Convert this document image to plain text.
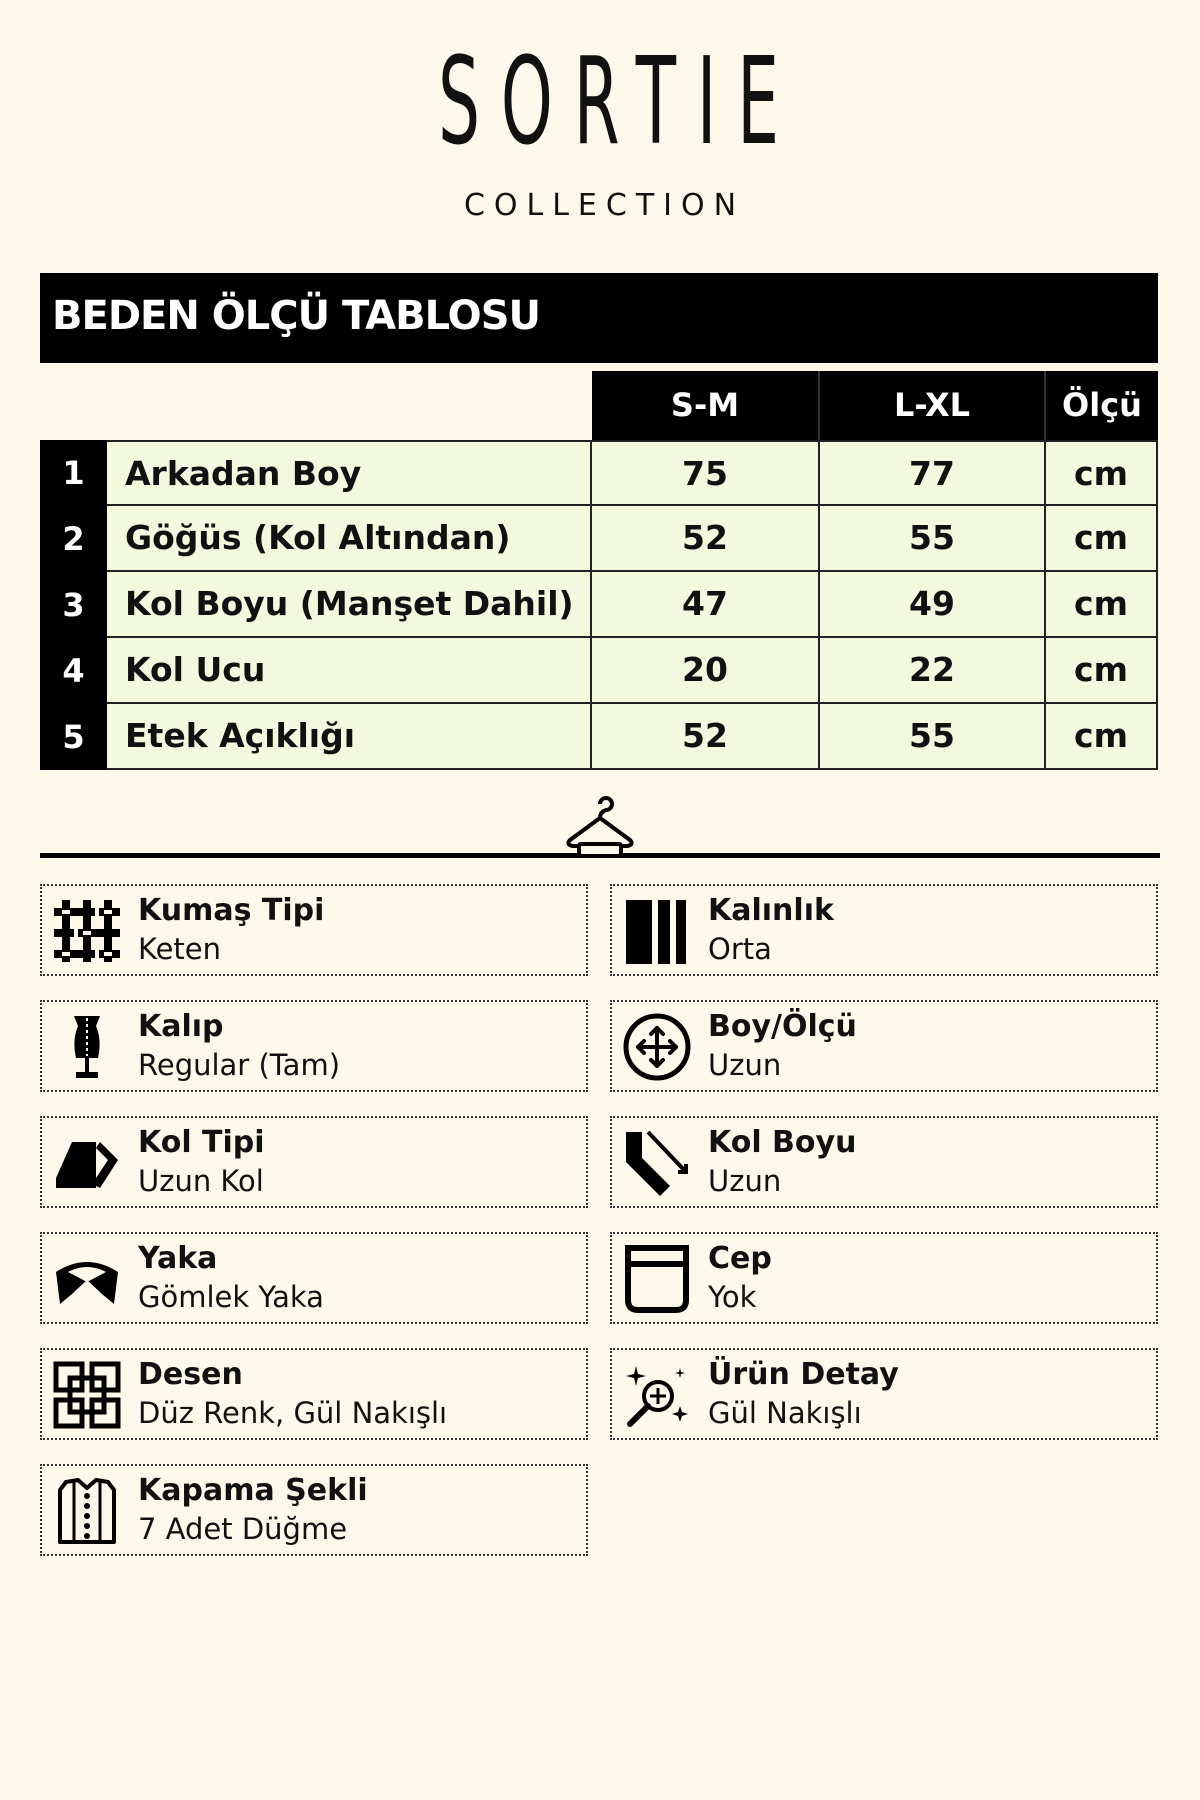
SORTIE
COLLECTION
BEDEN ÖLÇÜ TABLOSU
ÜST	S-M	L-XL	Ölçü
1	Arkadan Boy	75	77	cm
2	Göğüs (Kol Altından)	52	55	cm
3	Kol Boyu (Manşet Dahil)	47	49	cm
4	Kol Ucu	20	22	cm
5	Etek Açıklığı	52	55	cm
Kumaş Tipi
Keten
Kalınlık
Orta
Kalıp
Regular (Tam)
Boy/Ölçü
Uzun
Kol Tipi
Uzun Kol
Kol Boyu
Uzun
Yaka
Gömlek Yaka
Cep
Yok
Desen
Düz Renk, Gül Nakışlı
Ürün Detay
Gül Nakışlı
Kapama Şekli
7 Adet Düğme
